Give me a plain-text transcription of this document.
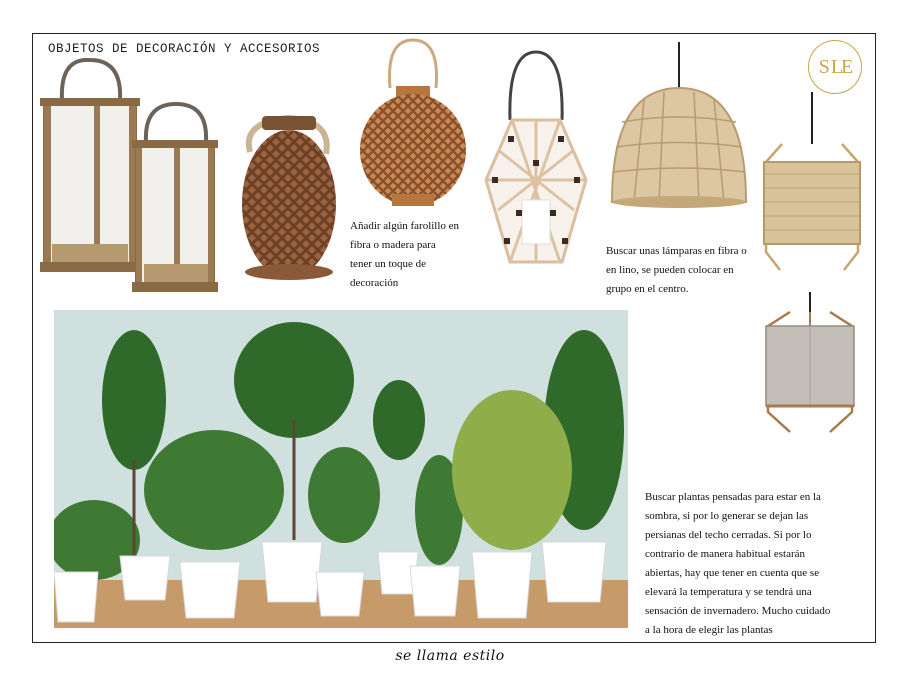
OBJETOS DE DECORACIÓN Y ACCESORIOS
S LE
Añadir algún farolillo en
fibra o madera para
tener un toque de
decoración
Buscar unas lámparas en fibra o
en lino, se pueden colocar en
grupo en el centro.
Buscar plantas pensadas para estar en la
sombra, si por lo generar se dejan las
persianas del techo cerradas. Si por lo
contrario de manera habitual estarán
abiertas, hay que tener en cuenta que se
elevará la temperatura y se tendrá una
sensación de invernadero. Mucho cuidado
a la hora de elegir las plantas
se llama estilo
